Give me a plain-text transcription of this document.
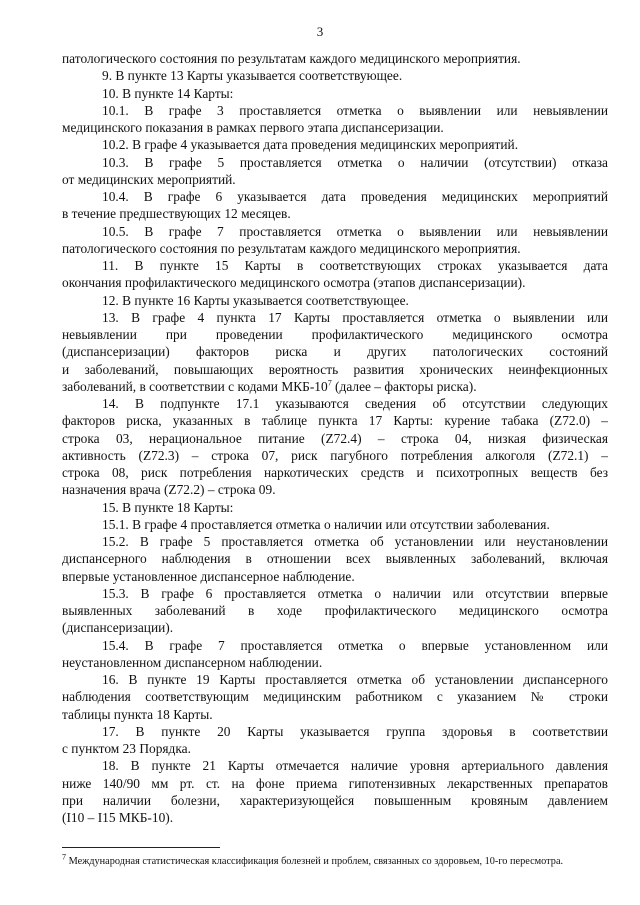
3
патологического состояния по результатам каждого медицинского мероприятия.
9. В пункте 13 Карты указывается соответствующее.
10. В пункте 14 Карты:
10.1. В графе 3 проставляется отметка о выявлении или невыявлении
медицинского показания в рамках первого этапа диспансеризации.
10.2. В графе 4 указывается дата проведения медицинских мероприятий.
10.3. В графе 5 проставляется отметка о наличии (отсутствии) отказа
от медицинских мероприятий.
10.4. В графе 6 указывается дата проведения медицинских мероприятий
в течение предшествующих 12 месяцев.
10.5. В графе 7 проставляется отметка о выявлении или невыявлении
патологического состояния по результатам каждого медицинского мероприятия.
11. В пункте 15 Карты в соответствующих строках указывается дата
окончания профилактического медицинского осмотра (этапов диспансеризации).
12. В пункте 16 Карты указывается соответствующее.
13. В графе 4 пункта 17 Карты проставляется отметка о выявлении или
невыявлении при проведении профилактического медицинского осмотра
(диспансеризации) факторов риска и других патологических состояний
и заболеваний, повышающих вероятность развития хронических неинфекционных
заболеваний, в соответствии с кодами МКБ-$10^7$ (далее – факторы риска).
14. В подпункте 17.1 указываются сведения об отсутствии следующих
факторов риска, указанных в таблице пункта 17 Карты: курение табака (Z72.0) –
строка 03, нерациональное питание (Z72.4) – строка 04, низкая физическая
активность (Z72.3) – строка 07, риск пагубного потребления алкоголя (Z72.1) –
строка 08, риск потребления наркотических средств и психотропных веществ без
назначения врача (Z72.2) – строка 09.
15. В пункте 18 Карты:
15.1. В графе 4 проставляется отметка о наличии или отсутствии заболевания.
15.2. В графе 5 проставляется отметка об установлении или неустановлении
диспансерного наблюдения в отношении всех выявленных заболеваний, включая
впервые установленное диспансерное наблюдение.
15.3. В графе 6 проставляется отметка о наличии или отсутствии впервые
выявленных заболеваний в ходе профилактического медицинского осмотра
(диспансеризации).
15.4. В графе 7 проставляется отметка о впервые установленном или
неустановленном диспансерном наблюдении.
16. В пункте 19 Карты проставляется отметка об установлении диспансерного
наблюдения соответствующим медицинским работником с указанием № строки
таблицы пункта 18 Карты.
17. В пункте 20 Карты указывается группа здоровья в соответствии
с пунктом 23 Порядка.
18. В пункте 21 Карты отмечается наличие уровня артериального давления
ниже 140/90 мм рт. ст. на фоне приема гипотензивных лекарственных препаратов
при наличии болезни, характеризующейся повышенным кровяным давлением
(I10 – I15 МКБ-10).
$^7$ Международная статистическая классификация болезней и проблем, связанных со здоровьем, 10-го пересмотра.
